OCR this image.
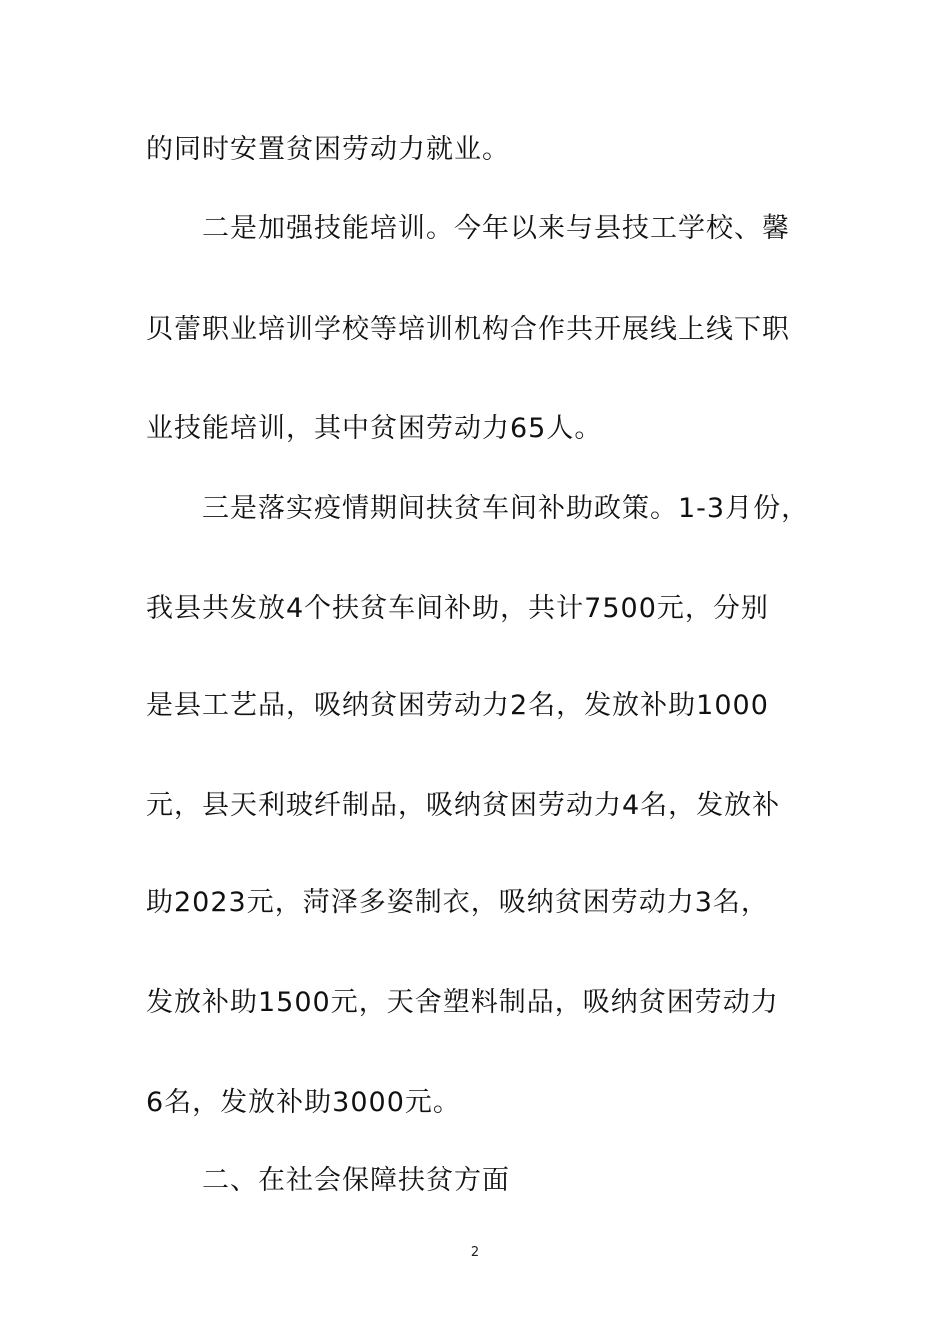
的同时安置贫困劳动力就业。
二是加强技能培训。今年以来与县技工学校、馨
贝蕾职业培训学校等培训机构合作共开展线上线下职
业技能培训，其中贫困劳动力65人。
三是落实疫情期间扶贫车间补助政策。1-3月份，
我县共发放4个扶贫车间补助，共计7500元，分别
是县工艺品，吸纳贫困劳动力2名，发放补助1000
元，县天利玻纤制品，吸纳贫困劳动力4名，发放补
助2023元，菏泽多姿制衣，吸纳贫困劳动力3名，
发放补助1500元，天舍塑料制品，吸纳贫困劳动力
6名，发放补助3000元。
二、在社会保障扶贫方面
2
